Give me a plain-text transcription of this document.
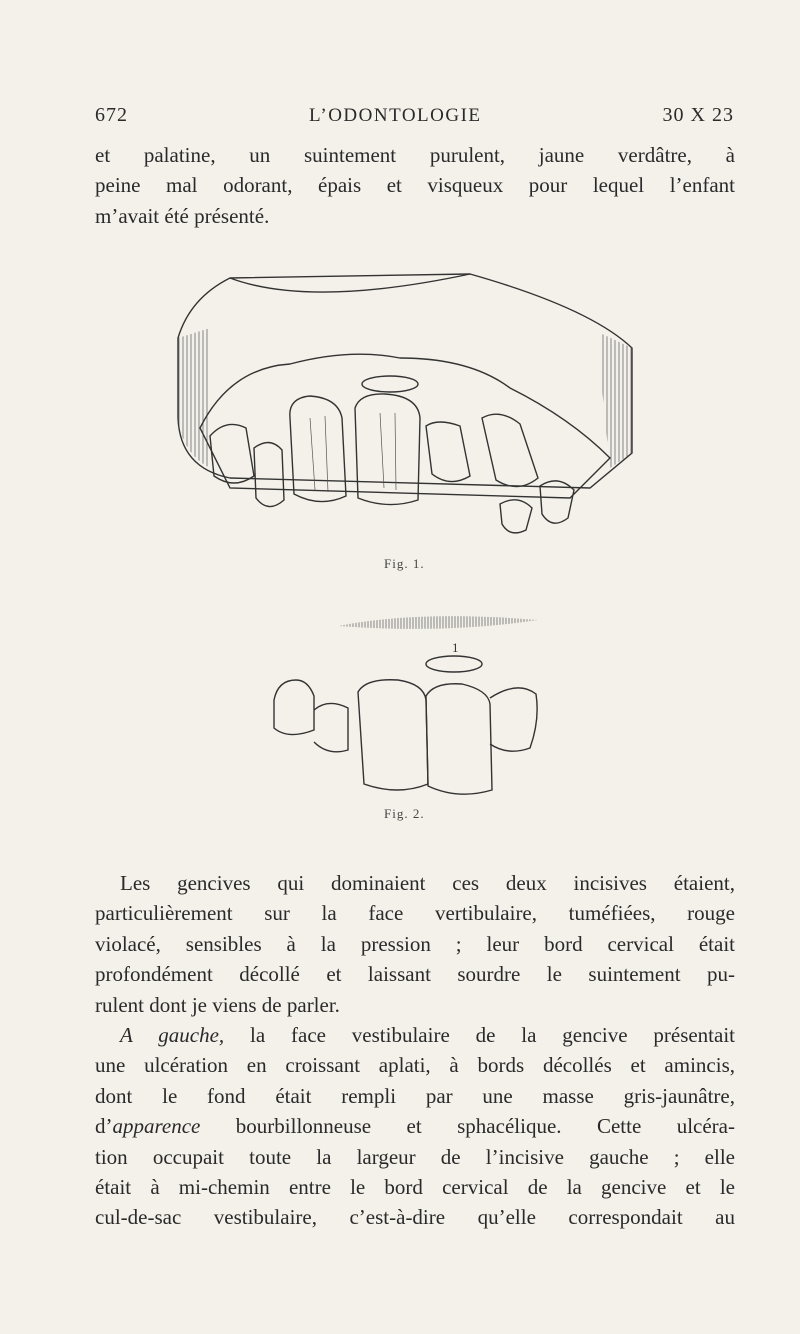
672	L’ODONTOLOGIE	30 X 23
et palatine, un suintement purulent, jaune verdâtre, à
peine mal odorant, épais et visqueux pour lequel l’enfant
m’avait été présenté.
Fig. 1.
1
Fig. 2.
Les gencives qui dominaient ces deux incisives étaient,
particulièrement sur la face vertibulaire, tuméfiées, rouge
violacé, sensibles à la pression ; leur bord cervical était
profondément décollé et laissant sourdre le suintement pu-
rulent dont je viens de parler.
A gauche, la face vestibulaire de la gencive présentait
une ulcération en croissant aplati, à bords décollés et amincis,
dont le fond était rempli par une masse gris-jaunâtre,
d’apparence bourbillonneuse et sphacélique. Cette ulcéra-
tion occupait toute la largeur de l’incisive gauche ; elle
était à mi-chemin entre le bord cervical de la gencive et le
cul-de-sac vestibulaire, c’est-à-dire qu’elle correspondait au
